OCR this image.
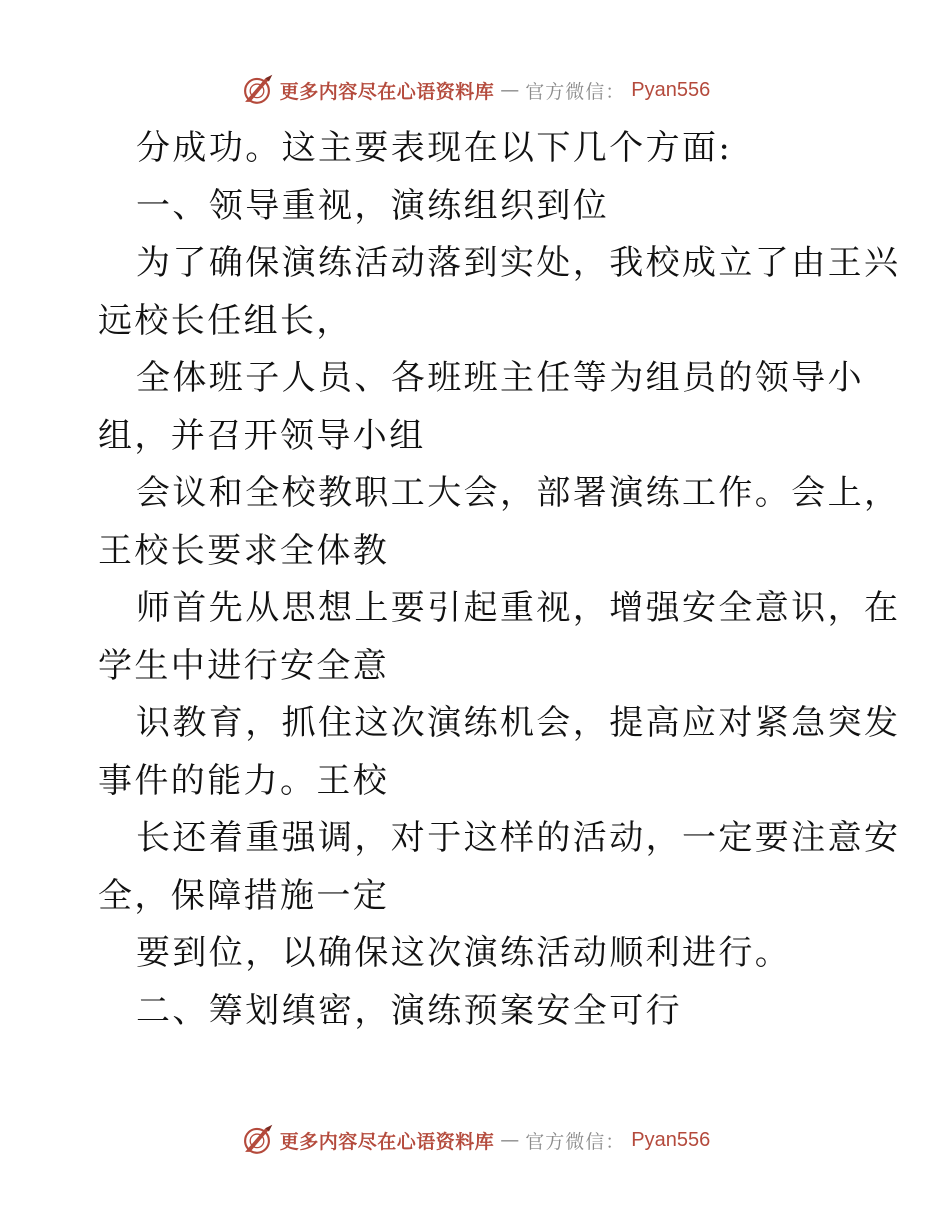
更多内容尽在心语资料库 — 官方微信： Pyan556
分成功。这主要表现在以下几个方面:
一、领导重视，演练组织到位
为了确保演练活动落到实处，我校成立了由王兴
远校长任组长，
全体班子人员、各班班主任等为组员的领导小
组，并召开领导小组
会议和全校教职工大会，部署演练工作。会上，
王校长要求全体教
师首先从思想上要引起重视，增强安全意识，在
学生中进行安全意
识教育，抓住这次演练机会，提高应对紧急突发
事件的能力。王校
长还着重强调，对于这样的活动，一定要注意安
全，保障措施一定
要到位，以确保这次演练活动顺利进行。
二、筹划缜密，演练预案安全可行
更多内容尽在心语资料库 — 官方微信： Pyan556
